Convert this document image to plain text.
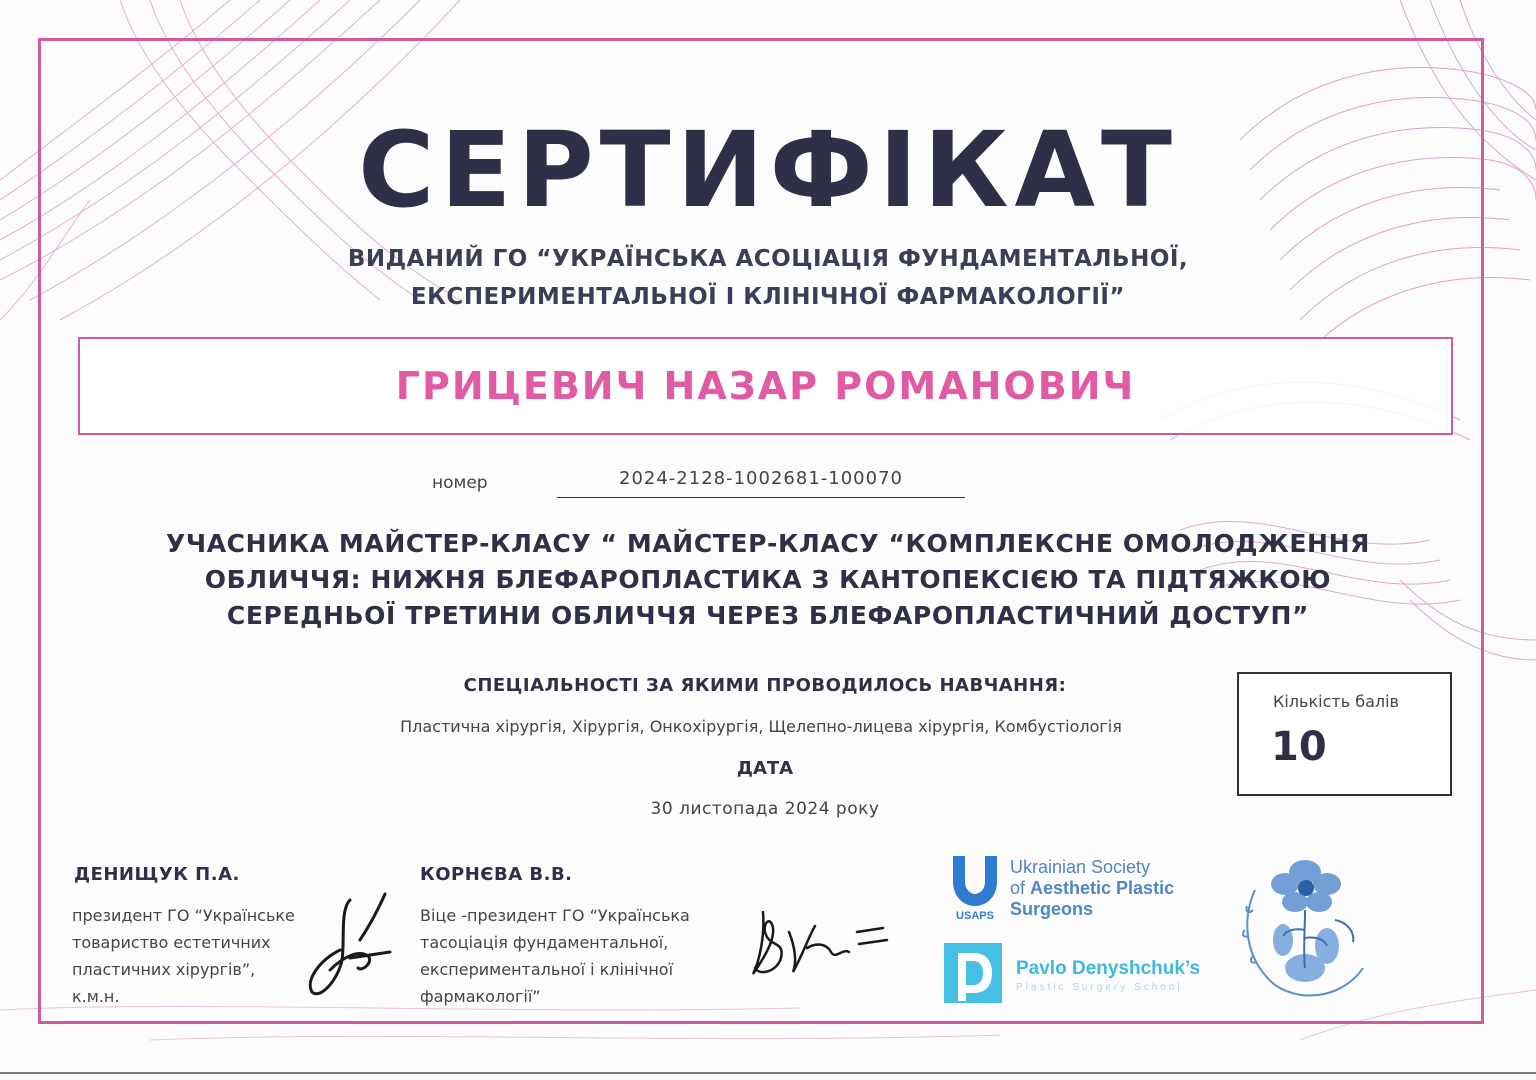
СЕРТИФІКАТ
ВИДАНИЙ ГО “УКРАЇНСЬКА АСОЦІАЦІЯ ФУНДАМЕНТАЛЬНОЇ,
ЕКСПЕРИМЕНТАЛЬНОЇ І КЛІНІЧНОЇ ФАРМАКОЛОГІЇ”
ГРИЦЕВИЧ НАЗАР РОМАНОВИЧ
номер	2024-2128-1002681-100070
УЧАСНИКА МАЙСТЕР-КЛАСУ “ МАЙСТЕР-КЛАСУ “КОМПЛЕКСНЕ ОМОЛОДЖЕННЯ
ОБЛИЧЧЯ: НИЖНЯ БЛЕФАРОПЛАСТИКА З КАНТОПЕКСІЄЮ ТА ПІДТЯЖКОЮ
СЕРЕДНЬОЇ ТРЕТИНИ ОБЛИЧЧЯ ЧЕРЕЗ БЛЕФАРОПЛАСТИЧНИЙ ДОСТУП”
СПЕЦІАЛЬНОСТІ ЗА ЯКИМИ ПРОВОДИЛОСЬ НАВЧАННЯ:
Пластична хірургія, Хірургія, Онкохірургія, Щелепно-лицева хірургія, Комбустіологія
ДАТА
30 листопада 2024 року
Кількість балів
10
ДЕНИЩУК П.А.
президент ГО “Українське
товариство естетичних
пластичних хірургів”,
к.м.н.
КОРНЄВА В.В.
Віце -президент ГО “Українська
тасоціація фундаментальної,
експериментальної і клінічної
фармакології”
USAPS
Ukrainian Society
of Aesthetic Plastic
Surgeons
Pavlo Denyshchuk’s
Plastic Surgery School
